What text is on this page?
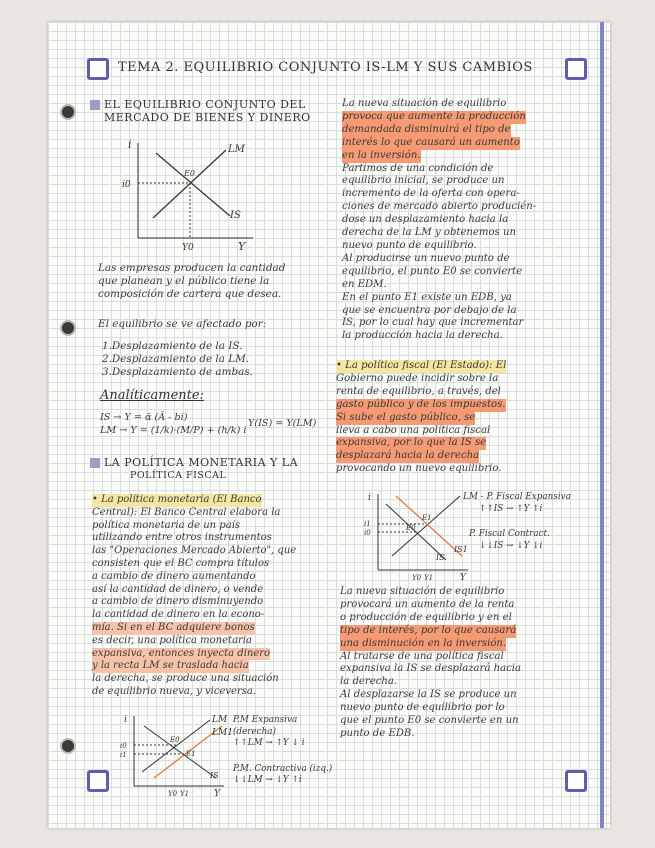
TEMA 2. EQUILIBRIO CONJUNTO IS-LM Y SUS CAMBIOS
EL EQUILIBRIO CONJUNTO DEL
MERCADO DE BIENES Y DINERO
i
Y
LM
IS
i0
Y0
E0
Las empresas producen la cantidad
que planean y el público tiene la
composición de cartera que desea.
El equilibrio se ve afectado por:
1.Desplazamiento de la IS.
2.Desplazamiento de la LM.
3.Desplazamiento de ambas.
Analíticamente:
IS → Y = ᾱ (Ā - bi)
LM → Y = (1/k)·(M/P) + (h/k) i
Y(IS) = Y(LM)
LA POLÍTICA MONETARIA Y LA
POLÍTICA FISCAL
• La política monetaria (El Banco
Central): El Banco Central elabora la
política monetaria de un país
utilizando entre otros instrumentos
las "Operaciones Mercado Abierto", que
consisten que el BC compra títulos
a cambio de dinero aumentando
así la cantidad de dinero, o vende
a cambio de dinero disminuyendo
la cantidad de dinero en la econo-
mía. Si en el BC adquiere bonos
es decir, una política monetaria
expansiva, entonces inyecta dinero y la recta LM se traslada hacia
la derecha, se produce una situación
de equilibrio nueva, y viceversa.
i
Y
i0
i1
E0
E1
Y0 Y1
IS
LM
LM1
P.M Expansiva (derecha)
↑↑LM → ↑Y ↓ i
P.M. Contractiva (izq.)
↓↓LM → ↓Y ↑i
La nueva situación de equilibrio
provoca que aumente la producción demandada disminuirá el tipo de interés lo que causará un aumento en la inversión.
Partimos de una condición de
equilibrio inicial, se produce un
incremento de la oferta con opera-
ciones de mercado abierto producién-
dose un desplazamiento hacia la
derecha de la LM y obtenemos un
nuevo punto de equilibrio.
Al producirse un nuevo punto de
equilibrio, el punto E0 se convierte
en EDM.
En el punto E1 existe un EDB, ya
que se encuentra por debajo de la
IS, por lo cual hay que incrementar
la producción hacia la derecha.
• La política fiscal (El Estado): El
Gobierno puede incidir sobre la
renta de equilibrio, a través, del
gasto público y de los impuestos. Si sube el gasto público, se
lleva a cabo una política fiscal
expansiva, por lo que la IS se desplazará hacia la derecha
provocando un nuevo equilibrio.
i
Y
i1
i0
E1
E0
Y0 Y1
IS
IS1
LM - P. Fiscal Expansiva
↑↑IS → ↑Y ↑i
P. Fiscal Contract.
↓↓IS → ↓Y ↓i
La nueva situación de equilibrio
provocará un aumento de la renta
o producción de equilibrio y en el
tipo de interés, por lo que causará una disminución en la inversión.
Al tratarse de una política fiscal
expansiva la IS se desplazará hacia
la derecha.
Al desplazarse la IS se produce un
nuevo punto de equilibrio por lo
que el punto E0 se convierte en un
punto de EDB.
